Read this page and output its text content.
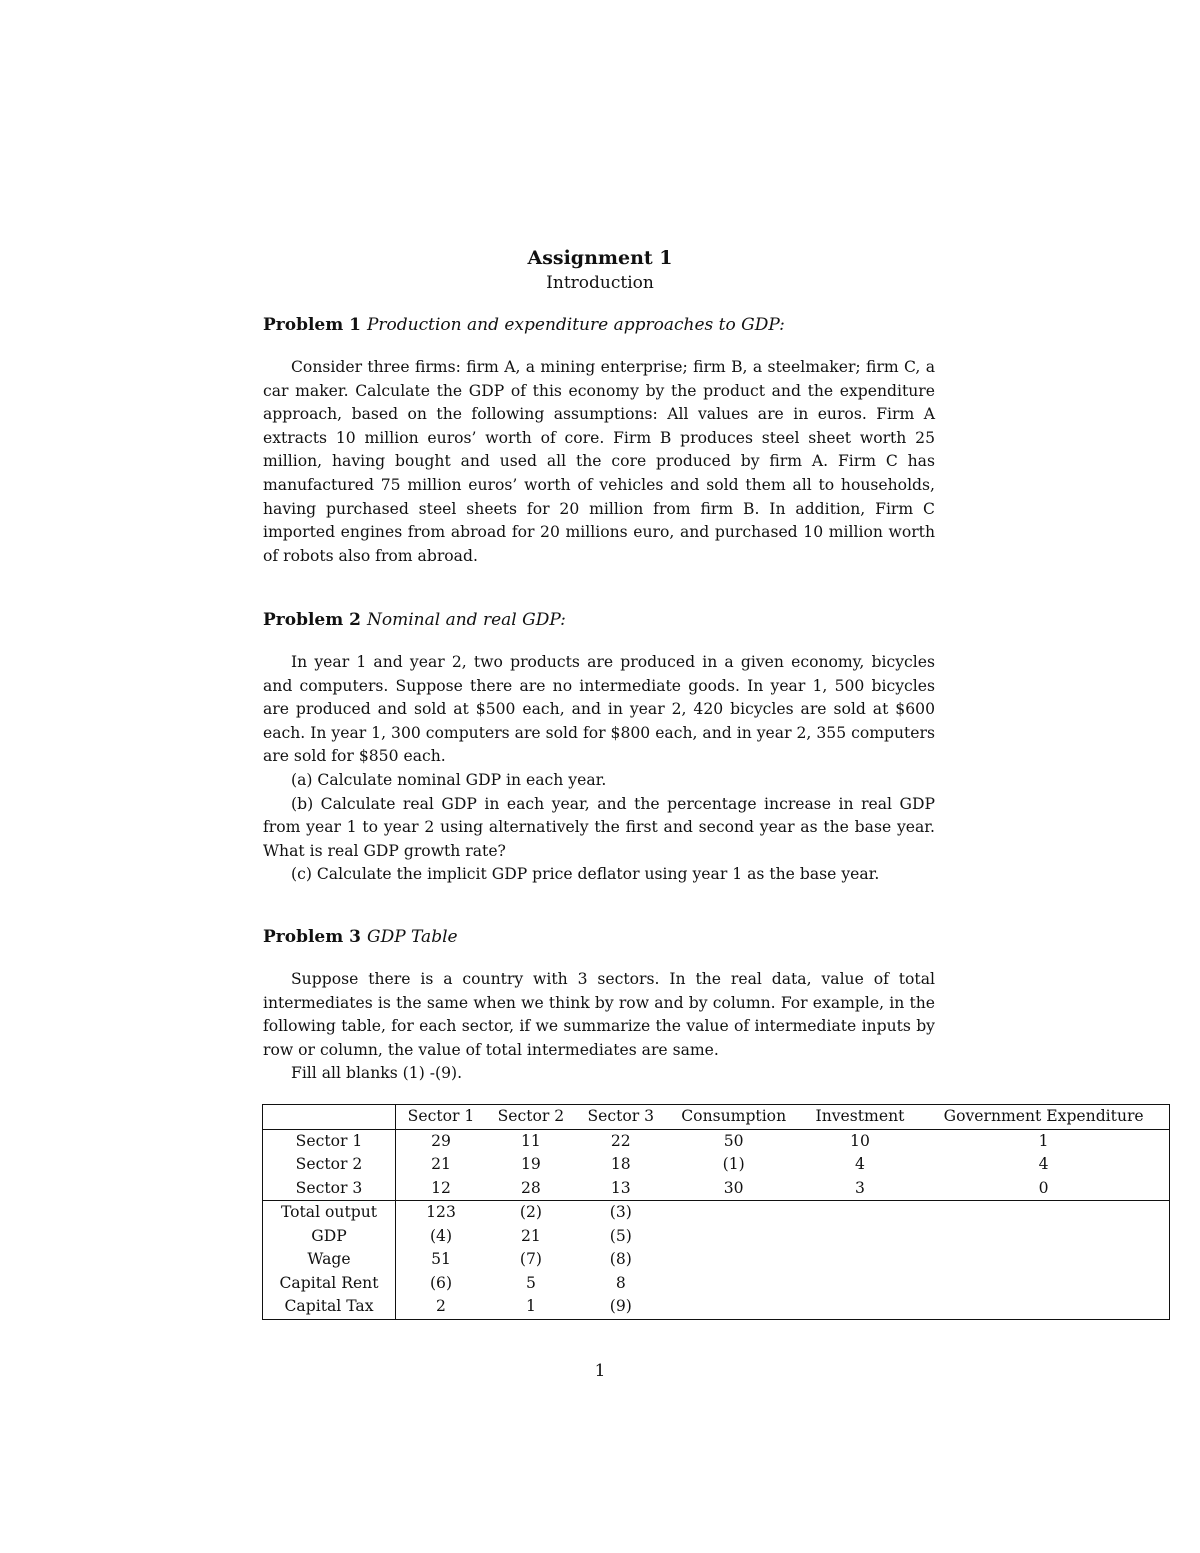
Assignment 1
Introduction
Problem 1 Production and expenditure approaches to GDP:

Consider three firms: firm A, a mining enterprise; firm B, a steelmaker; firm C, a car maker. Calculate the GDP of this economy by the product and the expenditure approach, based on the following assumptions: All values are in euros. Firm A extracts 10 million euros’ worth of core. Firm B produces steel sheet worth 25 million, having bought and used all the core produced by firm A. Firm C has manufactured 75 million euros’ worth of vehicles and sold them all to households, having purchased steel sheets for 20 million from firm B. In addition, Firm C imported engines from abroad for 20 millions euro, and purchased 10 million worth of robots also from abroad.

Problem 2 Nominal and real GDP:

In year 1 and year 2, two products are produced in a given economy, bicycles and computers. Suppose there are no intermediate goods. In year 1, 500 bicycles are produced and sold at $500 each, and in year 2, 420 bicycles are sold at $600 each. In year 1, 300 computers are sold for $800 each, and in year 2, 355 computers are sold for $850 each.

(a) Calculate nominal GDP in each year.

(b) Calculate real GDP in each year, and the percentage increase in real GDP from year 1 to year 2 using alternatively the first and second year as the base year. What is real GDP growth rate?

(c) Calculate the implicit GDP price deflator using year 1 as the base year.

Problem 3 GDP Table

Suppose there is a country with 3 sectors. In the real data, value of total intermediates is the same when we think by row and by column. For example, in the following table, for each sector, if we summarize the value of intermediate inputs by row or column, the value of total intermediates are same.

Fill all blanks (1) -(9).

	Sector 1	Sector 2	Sector 3	Consumption	Investment	Government Expenditure
Sector 1	29	11	22	50	10	1
Sector 2	21	19	18	(1)	4	4
Sector 3	12	28	13	30	3	0
Total output	123	(2)	(3)			
GDP	(4)	21	(5)			
Wage	51	(7)	(8)			
Capital Rent	(6)	5	8			
Capital Tax	2	1	(9)			
1
